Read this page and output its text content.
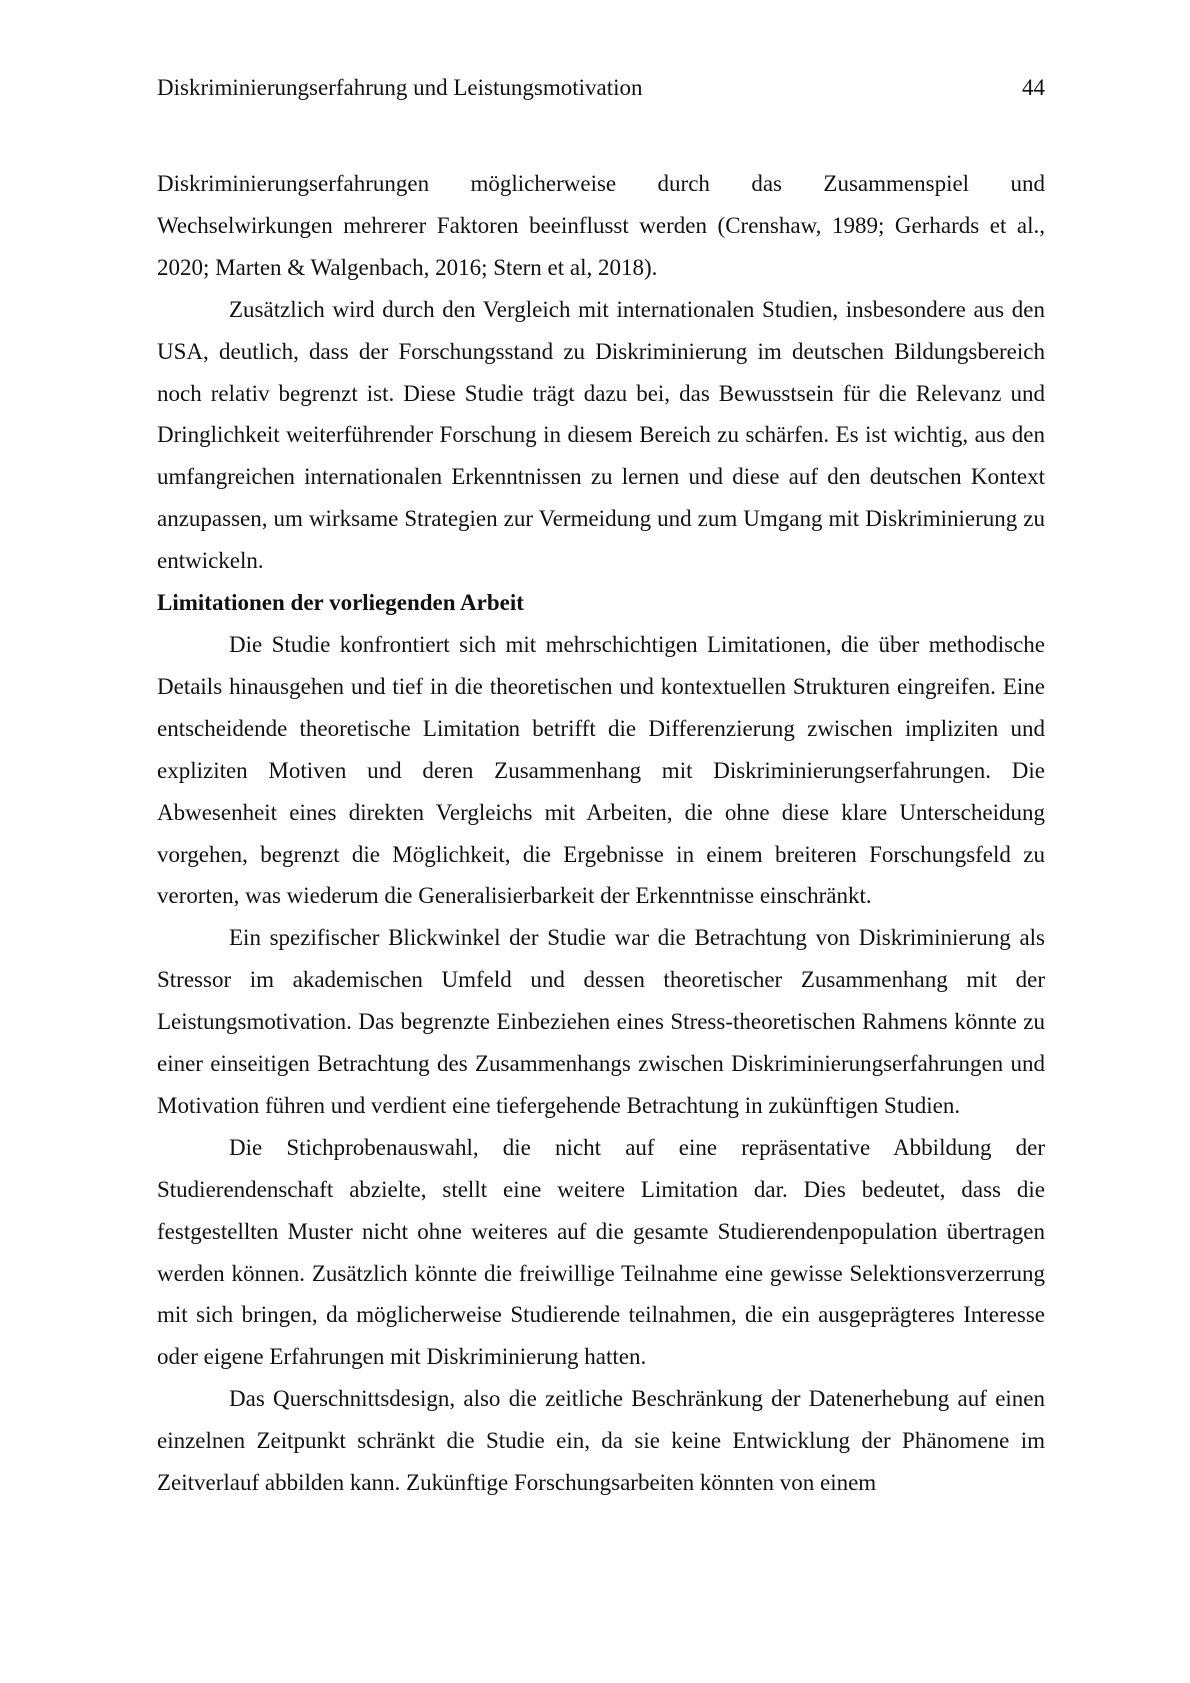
Diskriminierungserfahrung und Leistungsmotivation	44

Diskriminierungserfahrungen möglicherweise durch das Zusammenspiel und Wechselwirkungen mehrerer Faktoren beeinflusst werden (Crenshaw, 1989; Gerhards et al., 2020; Marten & Walgenbach, 2016; Stern et al, 2018).

Zusätzlich wird durch den Vergleich mit internationalen Studien, insbesondere aus den USA, deutlich, dass der Forschungsstand zu Diskriminierung im deutschen Bildungsbereich noch relativ begrenzt ist. Diese Studie trägt dazu bei, das Bewusstsein für die Relevanz und Dringlichkeit weiterführender Forschung in diesem Bereich zu schärfen. Es ist wichtig, aus den umfangreichen internationalen Erkenntnissen zu lernen und diese auf den deutschen Kontext anzupassen, um wirksame Strategien zur Vermeidung und zum Umgang mit Diskriminierung zu entwickeln.

Limitationen der vorliegenden Arbeit

Die Studie konfrontiert sich mit mehrschichtigen Limitationen, die über methodische Details hinausgehen und tief in die theoretischen und kontextuellen Strukturen eingreifen. Eine entscheidende theoretische Limitation betrifft die Differenzierung zwischen impliziten und expliziten Motiven und deren Zusammenhang mit Diskriminierungserfahrungen. Die Abwesenheit eines direkten Vergleichs mit Arbeiten, die ohne diese klare Unterscheidung vorgehen, begrenzt die Möglichkeit, die Ergebnisse in einem breiteren Forschungsfeld zu verorten, was wiederum die Generalisierbarkeit der Erkenntnisse einschränkt.

Ein spezifischer Blickwinkel der Studie war die Betrachtung von Diskriminierung als Stressor im akademischen Umfeld und dessen theoretischer Zusammenhang mit der Leistungsmotivation. Das begrenzte Einbeziehen eines Stress-theoretischen Rahmens könnte zu einer einseitigen Betrachtung des Zusammenhangs zwischen Diskriminierungserfahrungen und Motivation führen und verdient eine tiefergehende Betrachtung in zukünftigen Studien.

Die Stichprobenauswahl, die nicht auf eine repräsentative Abbildung der Studierendenschaft abzielte, stellt eine weitere Limitation dar. Dies bedeutet, dass die festgestellten Muster nicht ohne weiteres auf die gesamte Studierendenpopulation übertragen werden können. Zusätzlich könnte die freiwillige Teilnahme eine gewisse Selektionsverzerrung mit sich bringen, da möglicherweise Studierende teilnahmen, die ein ausgeprägteres Interesse oder eigene Erfahrungen mit Diskriminierung hatten.

Das Querschnittsdesign, also die zeitliche Beschränkung der Datenerhebung auf einen einzelnen Zeitpunkt schränkt die Studie ein, da sie keine Entwicklung der Phänomene im Zeitverlauf abbilden kann. Zukünftige Forschungsarbeiten könnten von einem
